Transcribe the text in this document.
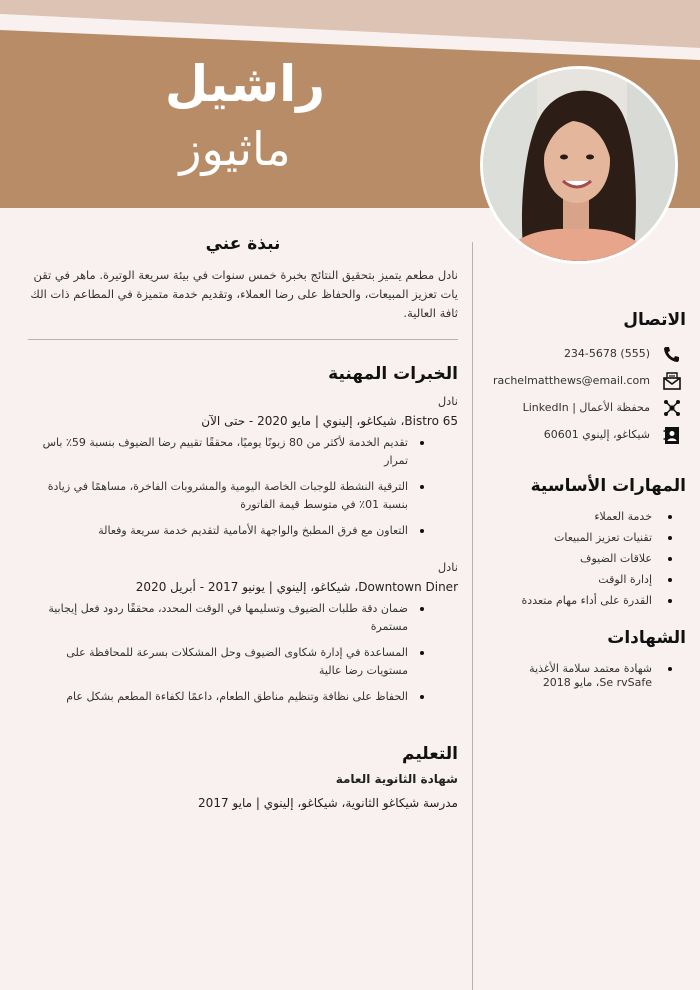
راشيل
ماثيوز
نبذة عني
نادل مطعم يتميز بتحقيق النتائج بخبرة خمس سنوات في بيئة سريعة الوتيرة. ماهر في تقن يات تعزيز المبيعات، والحفاظ على رضا العملاء، وتقديم خدمة متميزة في المطاعم ذات الك ثافة العالية.
الخبرات المهنية
نادل
Bistro 65، شيكاغو، إلينوي | مايو 2020 - حتى الآن
تقديم الخدمة لأكثر من 80 زبونًا يوميًا، محققًا تقييم رضا الضيوف بنسبة 59٪ باس تمرار
الترقية النشطة للوجبات الخاصة اليومية والمشروبات الفاخرة، مساهمًا في زيادة بنسبة 01٪ في متوسط قيمة الفاتورة
التعاون مع فرق المطبخ والواجهة الأمامية لتقديم خدمة سريعة وفعالة
نادل
Downtown Diner، شيكاغو، إلينوي | يونيو 2017 - أبريل 2020
ضمان دقة طلبات الضيوف وتسليمها في الوقت المحدد، محققًا ردود فعل إيجابية مستمرة
المساعدة في إدارة شكاوى الضيوف وحل المشكلات بسرعة للمحافظة على مستويات رضا عالية
الحفاظ على نظافة وتنظيم مناطق الطعام، داعمًا لكفاءة المطعم بشكل عام
التعليم
شهادة الثانوية العامة
مدرسة شيكاغو الثانوية، شيكاغو، إلينوي | مايو 2017
الاتصال
(555) 234-5678
rachelmatthews@email.com
محفظة الأعمال | LinkedIn
شيكاغو، إلينوي 60601
المهارات الأساسية
خدمة العملاء
تقنيات تعزيز المبيعات
علاقات الضيوف
إدارة الوقت
القدرة على أداء مهام متعددة
الشهادات
شهادة معتمد سلامة الأغذية Se rvSafe، مايو 2018
